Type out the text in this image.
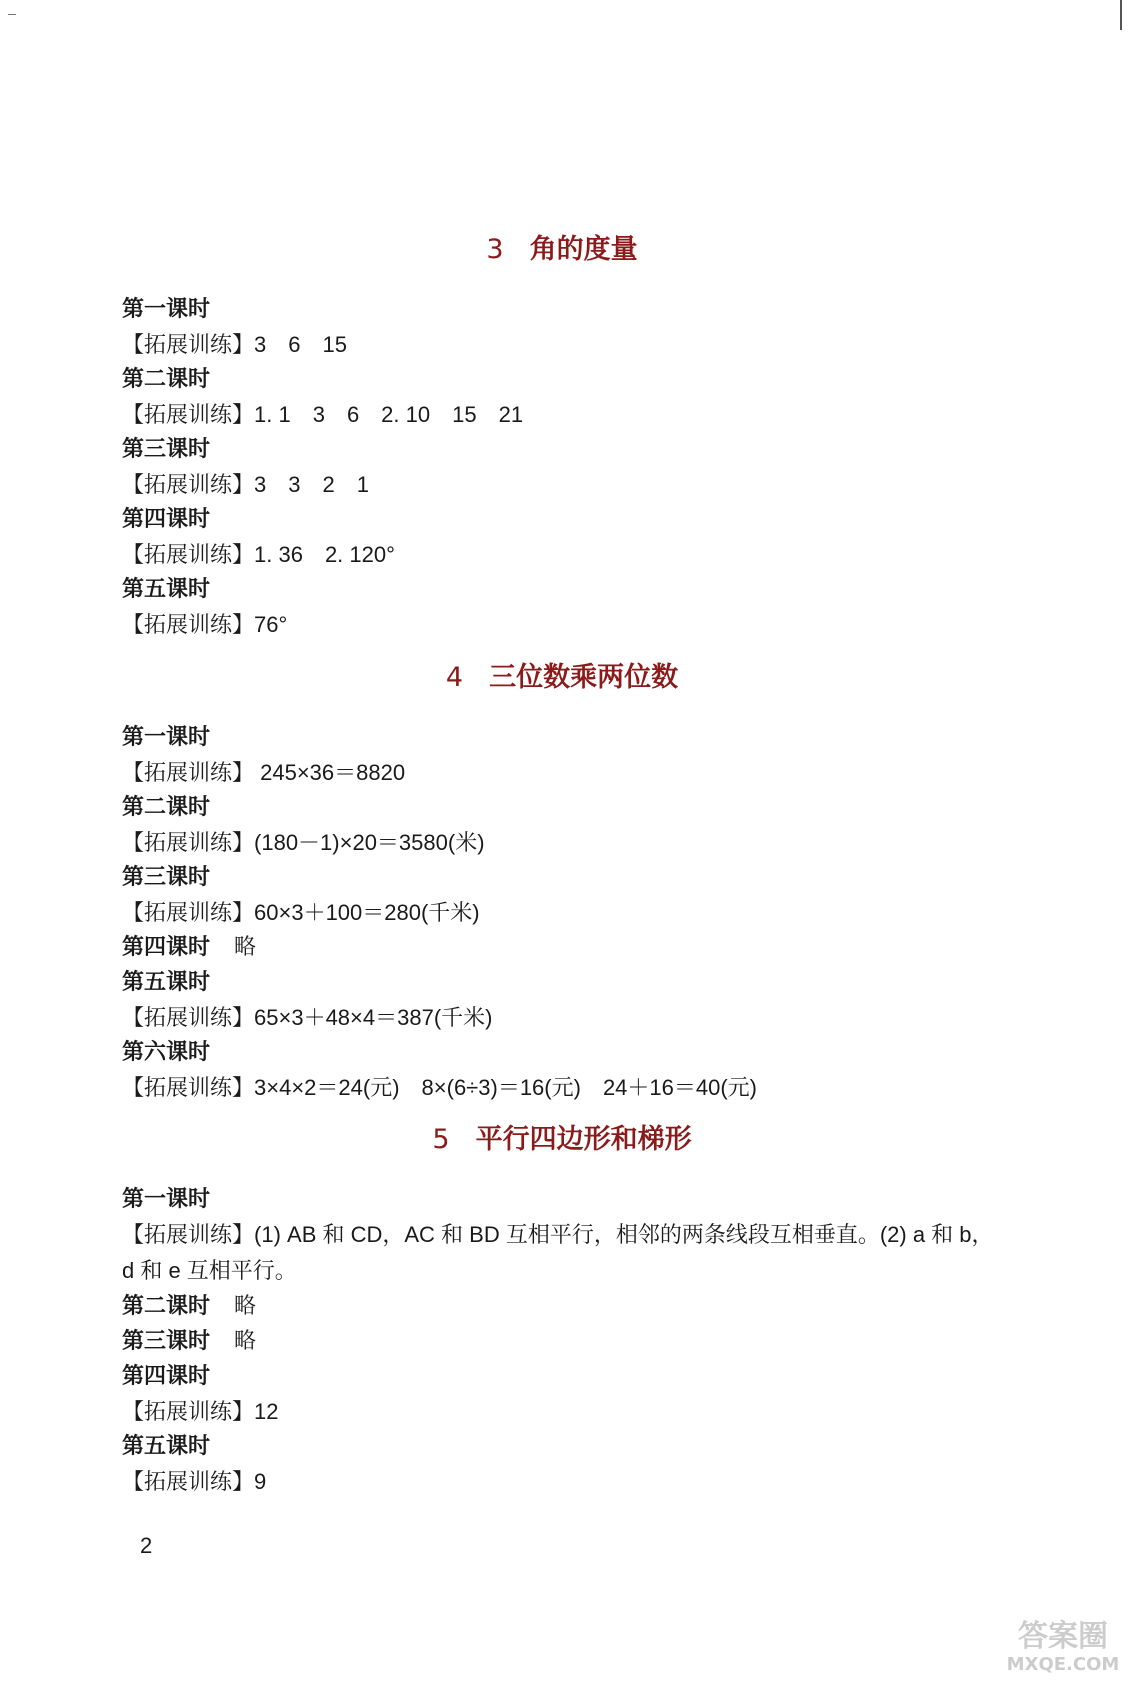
3 角的度量
第一课时
【拓展训练】3　6　15
第二课时
【拓展训练】1. 1　3　6　2. 10　15　21
第三课时
【拓展训练】3　3　2　1
第四课时
【拓展训练】1. 36　2. 120°
第五课时
【拓展训练】76°
4 三位数乘两位数
第一课时
【拓展训练】 245×36＝8820
第二课时
【拓展训练】(180－1)×20＝3580(米)
第三课时
【拓展训练】60×3＋100＝280(千米)
第四课时 略
第五课时
【拓展训练】65×3＋48×4＝387(千米)
第六课时
【拓展训练】3×4×2＝24(元)　8×(6÷3)＝16(元)　24＋16＝40(元)
5 平行四边形和梯形
第一课时
【拓展训练】(1) AB 和 CD，AC 和 BD 互相平行，相邻的两条线段互相垂直。(2) a 和 b，d 和 e 互相平行。
第二课时 略
第三课时 略
第四课时
【拓展训练】12
第五课时
【拓展训练】9
2
答案圈
MXQE.COM
